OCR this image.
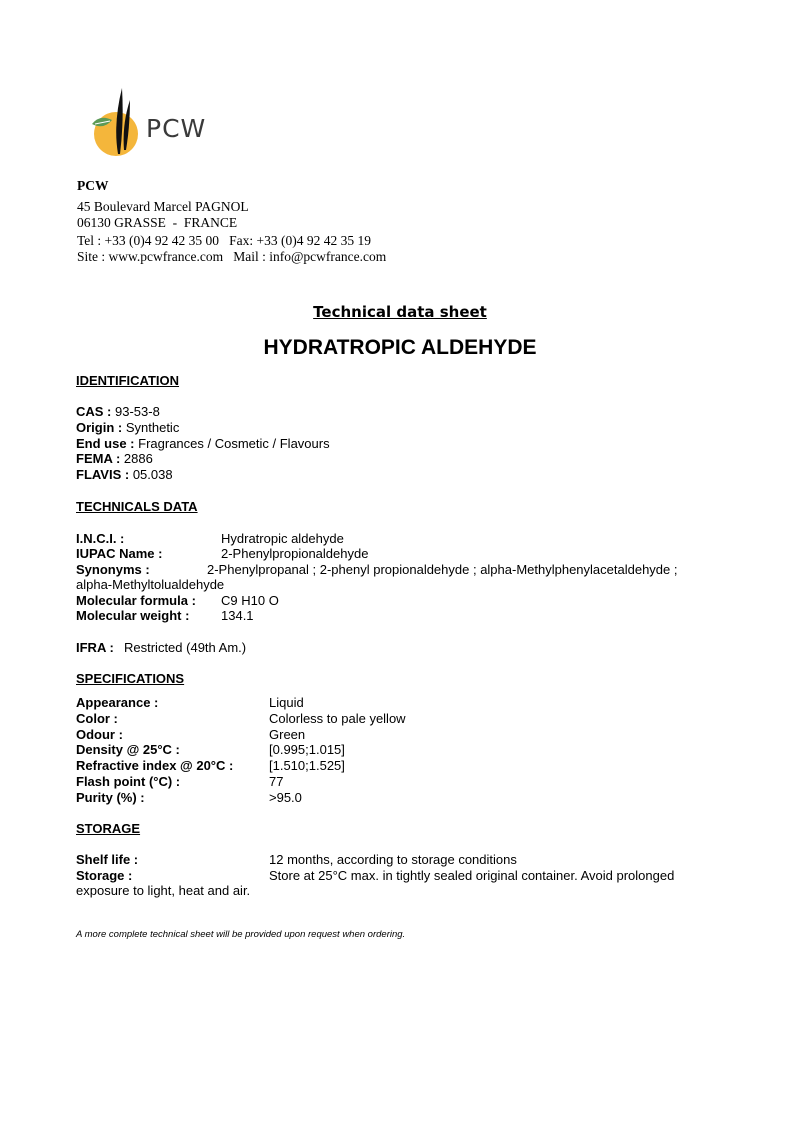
PCW
PCW
45 Boulevard Marcel PAGNOL
06130 GRASSE  -  FRANCE
Tel : +33 (0)4 92 42 35 00   Fax: +33 (0)4 92 42 35 19
Site : www.pcwfrance.com   Mail : info@pcwfrance.com
Technical data sheet
HYDRATROPIC ALDEHYDE
IDENTIFICATION
CAS : 93-53-8
Origin : Synthetic
End use : Fragrances / Cosmetic / Flavours
FEMA : 2886
FLAVIS : 05.038
TECHNICALS DATA
I.N.C.I. :	Hydratropic aldehyde
IUPAC Name :	2-Phenylpropionaldehyde
Synonyms :	2-Phenylpropanal ; 2-phenyl propionaldehyde ; alpha-Methylphenylacetaldehyde ;
alpha-Methyltolualdehyde
Molecular formula : C9 H10 O
Molecular weight : 134.1
IFRA : Restricted (49th Am.)
SPECIFICATIONS
Appearance :	Liquid
Color :	Colorless to pale yellow
Odour :	Green
Density @ 25°C :	[0.995;1.015]
Refractive index @ 20°C :	[1.510;1.525]
Flash point (°C) :	77
Purity (%) :	>95.0
STORAGE
Shelf life :	12 months, according to storage conditions
Storage :	Store at 25°C max. in tightly sealed original container. Avoid prolonged
exposure to light, heat and air.
A more complete technical sheet will be provided upon request when ordering.
